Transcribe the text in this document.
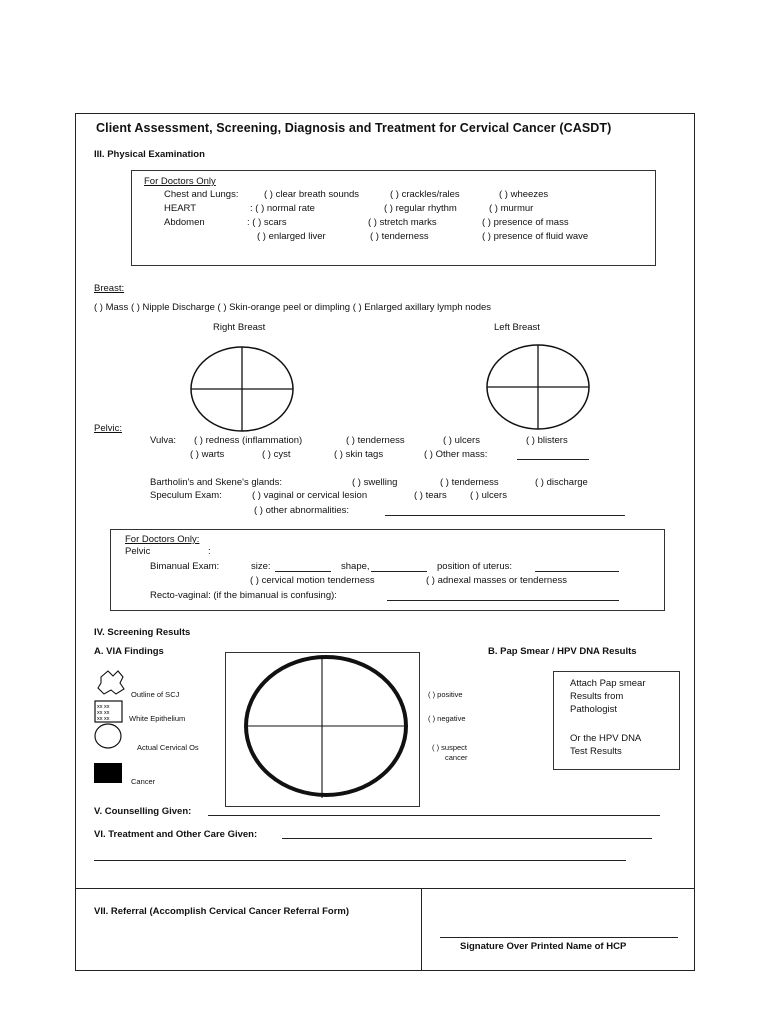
Client Assessment, Screening, Diagnosis and Treatment for Cervical Cancer (CASDT)
III. Physical Examination
For Doctors Only
Chest and Lungs:	( ) clear breath sounds	( ) crackles/rales	( ) wheezes
HEART	: ( ) normal rate	( ) regular rhythm	( ) murmur
Abdomen	: ( ) scars	( ) stretch marks	( ) presence of mass
( ) enlarged liver	( ) tenderness	( ) presence of fluid wave
Breast:
( ) Mass ( ) Nipple Discharge ( ) Skin-orange peel or dimpling ( ) Enlarged axillary lymph nodes
Right Breast	Left Breast
Pelvic:
Vulva: ( ) redness (inflammation)	( ) tenderness	( ) ulcers	( ) blisters
( ) warts	( ) cyst	( ) skin tags	( ) Other mass:
Bartholin's and Skene's glands:	( ) swelling	( ) tenderness	( ) discharge
Speculum Exam:	( ) vaginal or cervical lesion	( ) tears ( ) ulcers
( ) other abnormalities:
For Doctors Only:
Pelvic	:
Bimanual Exam:	size:	shape,	position of uterus:
( ) cervical motion tenderness	( ) adnexal masses or tenderness
Recto-vaginal: (if the bimanual is confusing):
IV. Screening Results
A. VIA Findings	B. Pap Smear / HPV DNA Results
xx xx
xx xx
xx xx
Outline of SCJ
White Epithelium
Actual Cervical Os
Cancer
( ) positive
( ) negative
( ) suspect
cancer
Attach Pap smear
Results from
Pathologist
Or the HPV DNA
Test Results
V. Counselling Given:
VI. Treatment and Other Care Given:
VII. Referral (Accomplish Cervical Cancer Referral Form)
Signature Over Printed Name of HCP
